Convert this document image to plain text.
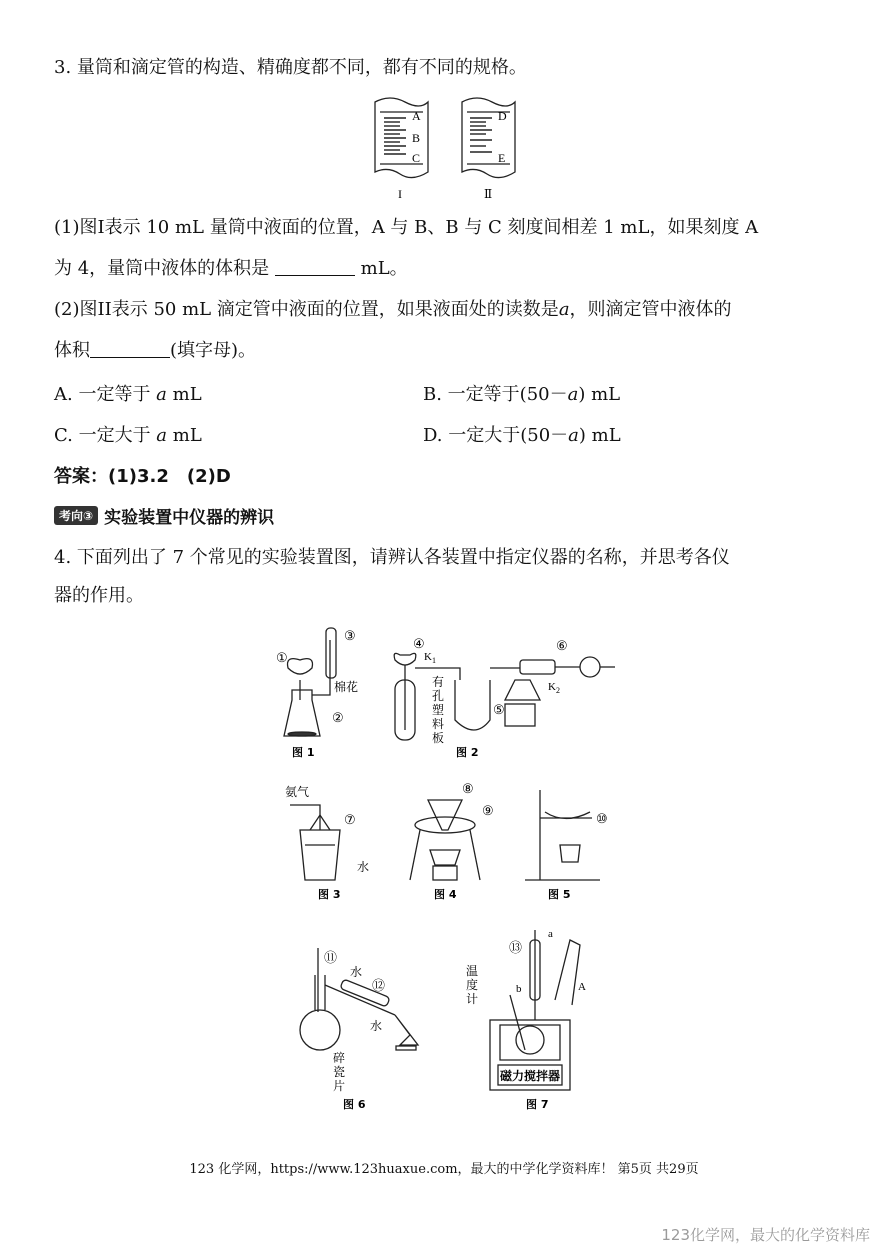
3. 量筒和滴定管的构造、精确度都不同，都有不同的规格。

A
B
C
D
E
I	Ⅱ

(1)图I表示 10 mL 量筒中液面的位置，A 与 B、B 与 C 刻度间相差 1 mL，如果刻度 A

为 4，量筒中液体的体积是	mL。

(2)图II表示 50 mL 滴定管中液面的位置，如果液面处的读数是a，则滴定管中液体的

体积	(填字母)。

A. 一定等于 a mL	B. 一定等于(50－a) mL
C. 一定大于 a mL	D. 一定大于(50－a) mL
答案：(1)3.2　(2)D
考向③ 实验装置中仪器的辨识

4. 下面列出了 7 个常见的实验装置图，请辨认各装置中指定仪器的名称，并思考各仪

器的作用。

①
②
③
棉花
④
$K_1$
$K_2$
⑤
⑥
有
孔
塑
料
板
氨气
⑦
水
⑧
⑨
⑩
⑪
⑫
水
水
碎
瓷
片
⑬
a
b	A
温
度
计
磁力搅拌器
图 1	图 2
图 3	图 4	图 5
图 6	图 7
123 化学网，https://www.123huaxue.com，最大的中学化学资料库！ 第5页 共29页
123化学网，最大的化学资料库
